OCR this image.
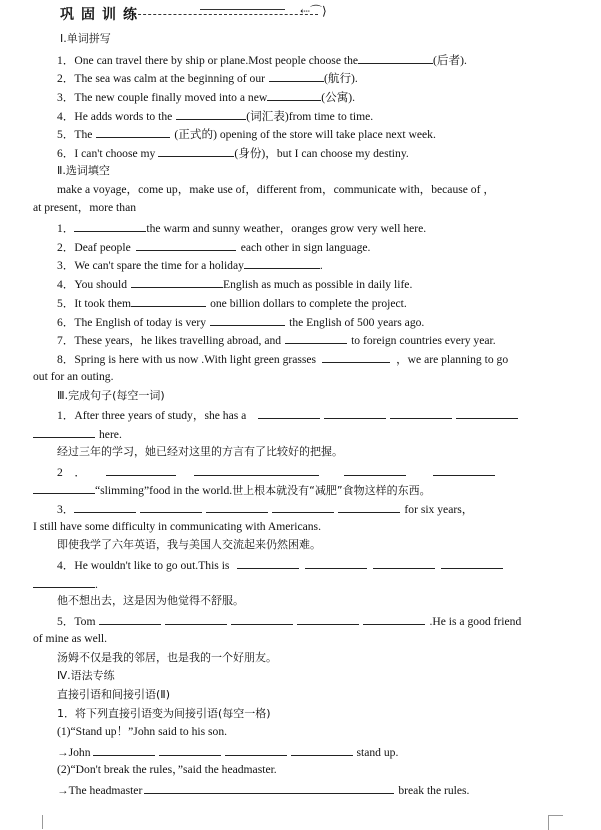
巩固训练	⇠⌒⟩
Ⅰ.单词拼写
1．One can travel there by ship or plane.Most people choose the	(后者).
2．The sea was calm at the beginning of our	(航行).
3．The new couple finally moved into a new	(公寓).
4．He adds words to the	(词汇表)from time to time.
5．The	(正式的) opening of the store will take place next week.
6．I can't choose my	(身份)，but I can choose my destiny.
Ⅱ.选词填空
make a voyage，come up，make use of，different from，communicate with，because of ，
at present，more than
1．	the warm and sunny weather，oranges grow very well here.
2．Deaf people	each other in sign language.
3．We can't spare the time for a holiday	.
4．You should	English as much as possible in daily life.
5．It took them	one billion dollars to complete the project.
6．The English of today is very	the English of 500 years ago.
7．These years，he likes travelling abroad, and	to foreign countries every year.
8．Spring is here with us now .With light green grasses	，we are planning to go
out for an outing.
Ⅲ.完成句子(每空一词)
1．After three years of study，she has a
here.
经过三年的学习，她已经对这里的方言有了比较好的把握。
2　．
“slimming”food in the world.世上根本就没有“减肥”食物这样的东西。
3．	for six years，
I still have some difficulty in communicating with Americans.
即使我学了六年英语，我与美国人交流起来仍然困难。
4．He wouldn't like to go out.This is
.
他不想出去，这是因为他觉得不舒服。
5．Tom	.He is a good friend
of mine as well.
汤姆不仅是我的邻居，也是我的一个好朋友。
Ⅳ.语法专练
直接引语和间接引语(Ⅱ)
1．将下列直接引语变为间接引语(每空一格)
(1)“Stand up！”John said to his son.
→John	stand up.
(2)“Don't break the rules，”said the headmaster.
→The headmaster	break the rules.
